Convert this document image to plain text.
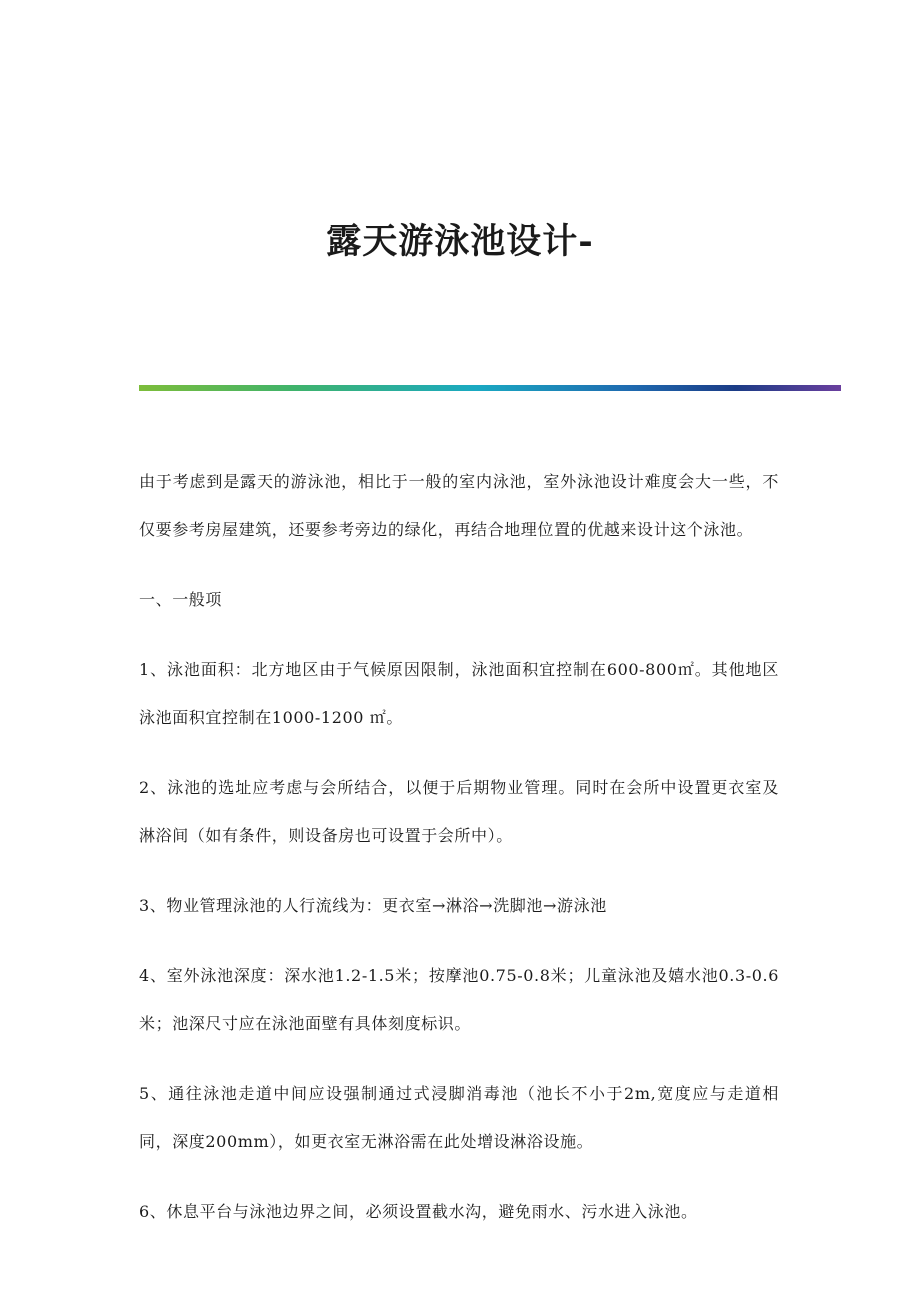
露天游泳池设计-

由于考虑到是露天的游泳池，相比于一般的室内泳池，室外泳池设计难度会大一些，不仅要参考房屋建筑，还要参考旁边的绿化，再结合地理位置的优越来设计这个泳池。

一、一般项

1、泳池面积：北方地区由于气候原因限制，泳池面积宜控制在600-800㎡。其他地区泳池面积宜控制在1000-1200 ㎡。

2、泳池的选址应考虑与会所结合，以便于后期物业管理。同时在会所中设置更衣室及淋浴间（如有条件，则设备房也可设置于会所中）。

3、物业管理泳池的人行流线为：更衣室→淋浴→洗脚池→游泳池

4、室外泳池深度：深水池1.2-1.5米；按摩池0.75-0.8米；儿童泳池及嬉水池0.3-0.6米；池深尺寸应在泳池面壁有具体刻度标识。

5、通往泳池走道中间应设强制通过式浸脚消毒池（池长不小于2m,宽度应与走道相同，深度200mm），如更衣室无淋浴需在此处增设淋浴设施。

6、休息平台与泳池边界之间，必须设置截水沟，避免雨水、污水进入泳池。
